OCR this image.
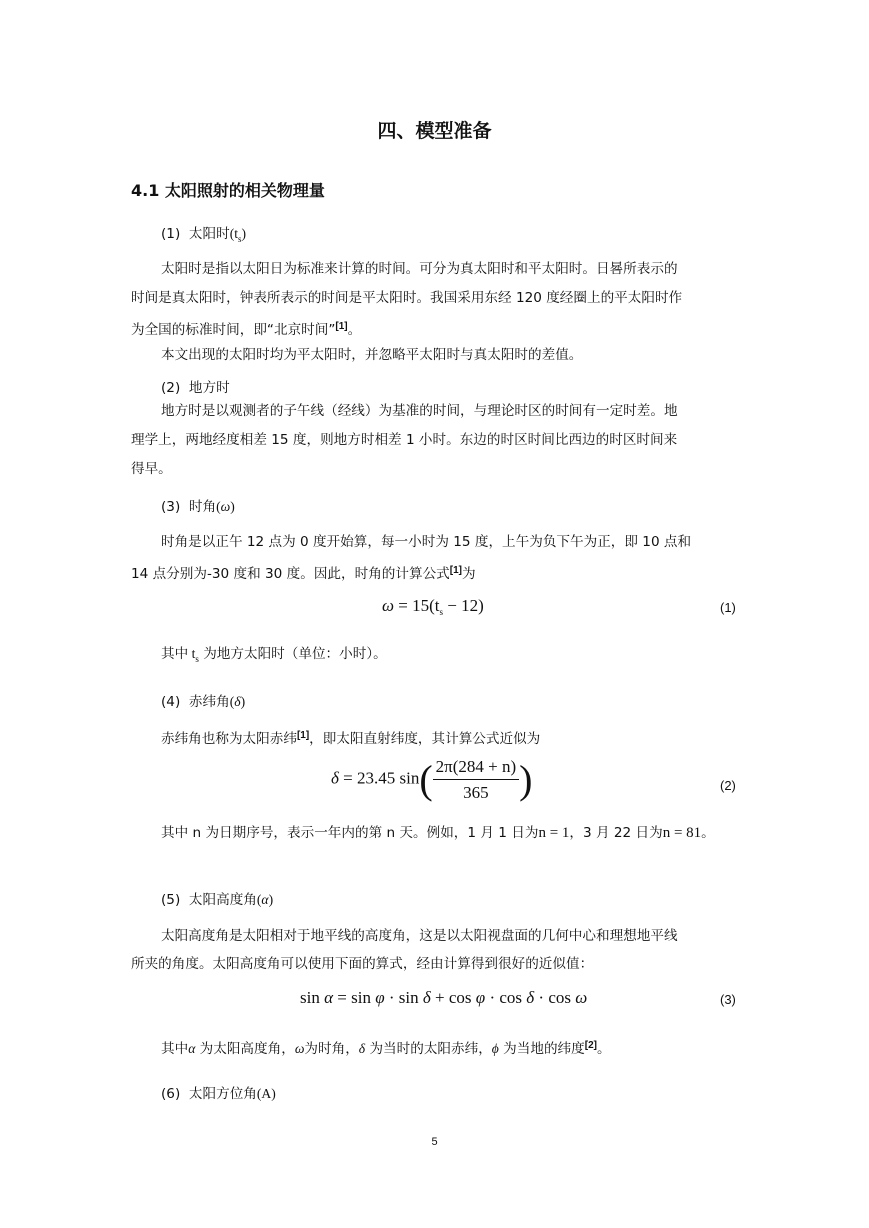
四、模型准备
4.1 太阳照射的相关物理量
(1) 太阳时$(t_s)$
太阳时是指以太阳日为标准来计算的时间。可分为真太阳时和平太阳时。日晷所表示的
时间是真太阳时，钟表所表示的时间是平太阳时。我国采用东经 120 度经圈上的平太阳时作
为全国的标准时间，即“北京时间”[1]。
本文出现的太阳时均为平太阳时，并忽略平太阳时与真太阳时的差值。
(2) 地方时
地方时是以观测者的子午线（经线）为基准的时间，与理论时区的时间有一定时差。地
理学上，两地经度相差 15 度，则地方时相差 1 小时。东边的时区时间比西边的时区时间来
得早。
(3) 时角(ω)
时角是以正午 12 点为 0 度开始算，每一小时为 15 度，上午为负下午为正，即 10 点和
14 点分别为-30 度和 30 度。因此，时角的计算公式[1]为
$\omega = 15(t_s - 12)$	(1)
其中 $t_s$ 为地方太阳时（单位：小时）。
(4) 赤纬角(δ)
赤纬角也称为太阳赤纬[1]，即太阳直射纬度，其计算公式近似为
δ = 23.45 $\sin( \frac{2\pi(284 + n)}{365}$ )	(2)
其中 n 为日期序号，表示一年内的第 n 天。例如，1 月 1 日为n = 1，3 月 22 日为n = 81。
(5) 太阳高度角(α)
太阳高度角是太阳相对于地平线的高度角，这是以太阳视盘面的几何中心和理想地平线
所夹的角度。太阳高度角可以使用下面的算式，经由计算得到很好的近似值：
sin α = sin φ · sin δ + cos φ · cos δ · cos ω	(3)
其中α 为太阳高度角，ω为时角，δ 为当时的太阳赤纬，ϕ 为当地的纬度[2]。
(6) 太阳方位角(A)
5
